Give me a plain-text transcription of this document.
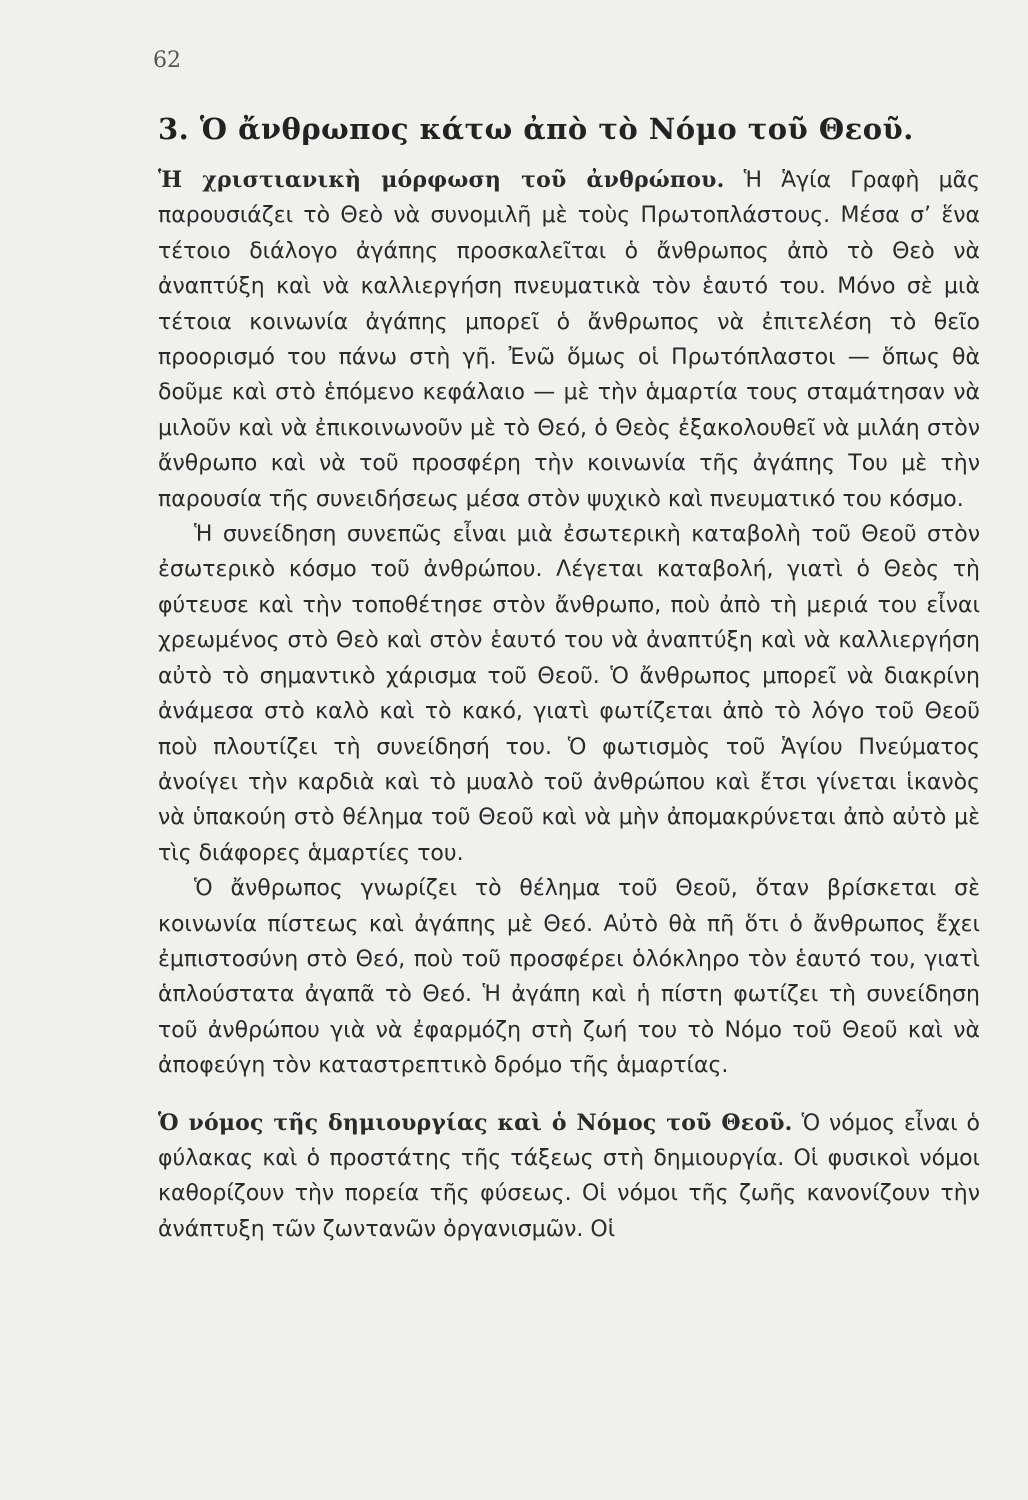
62
3. Ὁ ἄνθρωπος κάτω ἀπὸ τὸ Νόμο τοῦ Θεοῦ.

Ἡ χριστιανικὴ μόρφωση τοῦ ἀνθρώπου. Ἡ Ἁγία Γραφὴ μᾶς παρουσιάζει τὸ Θεὸ νὰ συνομιλῆ μὲ τοὺς Πρωτοπλάστους. Μέσα σ’ ἕνα τέτοιο διάλογο ἀγάπης προσκαλεῖται ὁ ἄνθρωπος ἀπὸ τὸ Θεὸ νὰ ἀναπτύξη καὶ νὰ καλλιεργήση πνευματικὰ τὸν ἑαυτό του. Μόνο σὲ μιὰ τέτοια κοινωνία ἀγάπης μπορεῖ ὁ ἄνθρωπος νὰ ἐπιτελέση τὸ θεῖο προορισμό του πάνω στὴ γῆ. Ἐνῶ ὅμως οἱ Πρωτόπλαστοι — ὅπως θὰ δοῦμε καὶ στὸ ἑπόμενο κεφάλαιο — μὲ τὴν ἁμαρτία τους σταμάτησαν νὰ μιλοῦν καὶ νὰ ἐπικοινωνοῦν μὲ τὸ Θεό, ὁ Θεὸς ἐξακολουθεῖ νὰ μιλάη στὸν ἄνθρωπο καὶ νὰ τοῦ προσφέρη τὴν κοινωνία τῆς ἀγάπης Του μὲ τὴν παρουσία τῆς συνειδήσεως μέσα στὸν ψυχικὸ καὶ πνευματικό του κόσμο.

Ἡ συνείδηση συνεπῶς εἶναι μιὰ ἐσωτερικὴ καταβολὴ τοῦ Θεοῦ στὸν ἐσωτερικὸ κόσμο τοῦ ἀνθρώπου. Λέγεται καταβολή, γιατὶ ὁ Θεὸς τὴ φύτευσε καὶ τὴν τοποθέτησε στὸν ἄνθρωπο, ποὺ ἀπὸ τὴ μεριά του εἶναι χρεωμένος στὸ Θεὸ καὶ στὸν ἑαυτό του νὰ ἀναπτύξη καὶ νὰ καλλιεργήση αὐτὸ τὸ σημαντικὸ χάρισμα τοῦ Θεοῦ. Ὁ ἄνθρωπος μπορεῖ νὰ διακρίνη ἀνάμεσα στὸ καλὸ καὶ τὸ κακό, γιατὶ φωτίζεται ἀπὸ τὸ λόγο τοῦ Θεοῦ ποὺ πλουτίζει τὴ συνείδησή του. Ὁ φωτισμὸς τοῦ Ἁγίου Πνεύματος ἀνοίγει τὴν καρδιὰ καὶ τὸ μυαλὸ τοῦ ἀνθρώπου καὶ ἔτσι γίνεται ἱκανὸς νὰ ὑπακούη στὸ θέλημα τοῦ Θεοῦ καὶ νὰ μὴν ἀπομακρύνεται ἀπὸ αὐτὸ μὲ τὶς διάφορες ἁμαρτίες του.

Ὁ ἄνθρωπος γνωρίζει τὸ θέλημα τοῦ Θεοῦ, ὅταν βρίσκεται σὲ κοινωνία πίστεως καὶ ἀγάπης μὲ Θεό. Αὐτὸ θὰ πῆ ὅτι ὁ ἄνθρωπος ἔχει ἐμπιστοσύνη στὸ Θεό, ποὺ τοῦ προσφέρει ὁλόκληρο τὸν ἑαυτό του, γιατὶ ἁπλούστατα ἀγαπᾶ τὸ Θεό. Ἡ ἀγάπη καὶ ἡ πίστη φωτίζει τὴ συνείδηση τοῦ ἀνθρώπου γιὰ νὰ ἐφαρμόζη στὴ ζωή του τὸ Νόμο τοῦ Θεοῦ καὶ νὰ ἀποφεύγη τὸν καταστρεπτικὸ δρόμο τῆς ἁμαρτίας.

Ὁ νόμος τῆς δημιουργίας καὶ ὁ Νόμος τοῦ Θεοῦ. Ὁ νόμος εἶναι ὁ φύλακας καὶ ὁ προστάτης τῆς τάξεως στὴ δημιουργία. Οἱ φυσικοὶ νόμοι καθορίζουν τὴν πορεία τῆς φύσεως. Οἱ νόμοι τῆς ζωῆς κανονίζουν τὴν ἀνάπτυξη τῶν ζωντανῶν ὀργανισμῶν. Οἱ
